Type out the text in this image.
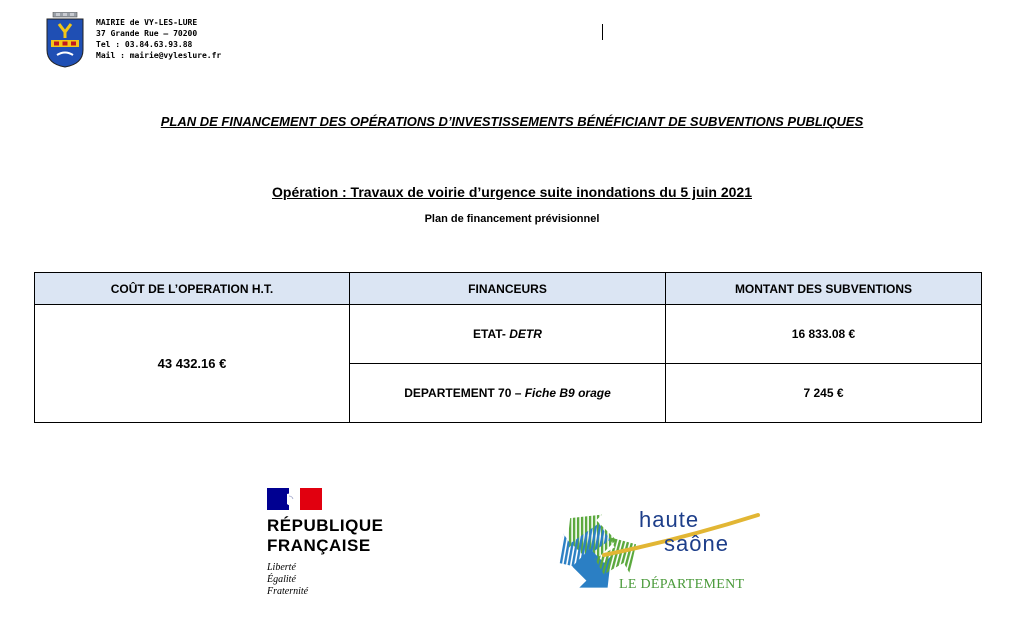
MAIRIE de VY-LES-LURE
37 Grande Rue – 70200
Tel : 03.84.63.93.88
Mail : mairie@vyleslure.fr
PLAN DE FINANCEMENT DES OPÉRATIONS D’INVESTISSEMENTS BÉNÉFICIANT DE SUBVENTIONS PUBLIQUES
Opération : Travaux de voirie d’urgence suite inondations du 5 juin 2021
Plan de financement prévisionnel
COÛT DE L’OPERATION H.T.	FINANCEURS	MONTANT DES SUBVENTIONS
43 432.16 €	ETAT- DETR	16 833.08 €
	DEPARTEMENT 70 – Fiche B9 orage	7 245 €
RÉPUBLIQUE
FRANÇAISE
Liberté
Égalité
Fraternité
haute
saône
LE DÉPARTEMENT
